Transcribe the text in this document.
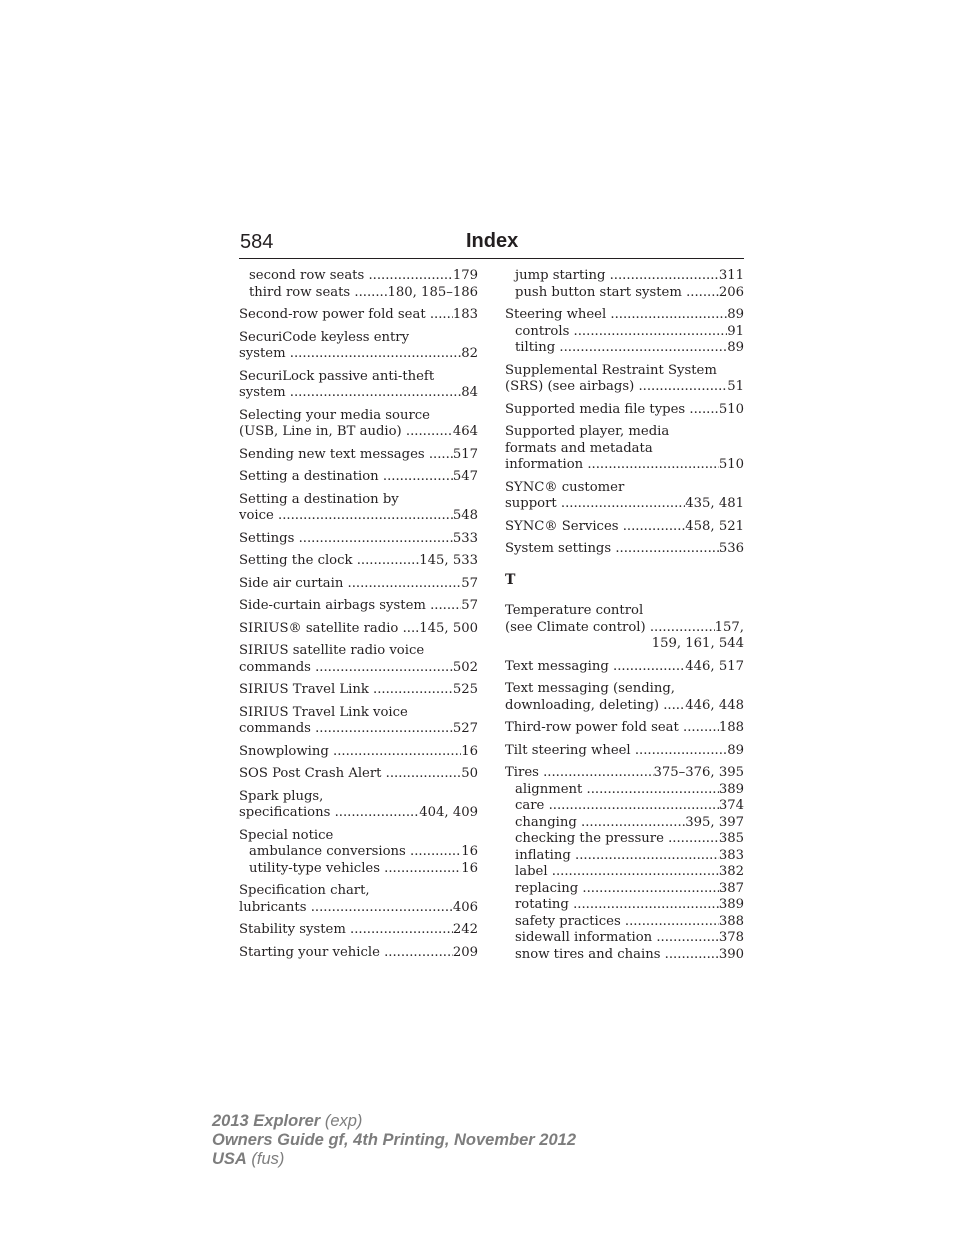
584	Index
second row seats .....	179
third row seats .....	180, 185–186
Second-row power fold seat ..... 183
SecuriCode keyless entry
system .....	82
SecuriLock passive anti-theft
system .....	84
Selecting your media source
(USB, Line in, BT audio) .....	464
Sending new text messages ..... 517
Setting a destination .....	547
Setting a destination by
voice .....	548
Settings .....	533
Setting the clock .....	145, 533
Side air curtain .....	57
Side-curtain airbags system ..... 57
SIRIUS® satellite radio ..... 145, 500
SIRIUS satellite radio voice
commands .....	502
SIRIUS Travel Link .....	525
SIRIUS Travel Link voice
commands .....	527
Snowplowing .....	16
SOS Post Crash Alert .....	50
Spark plugs,
specifications .....	404, 409
Special notice
ambulance conversions .....	16
utility-type vehicles .....	16
Specification chart,
lubricants .....	406
Stability system .....	242
Starting your vehicle .....	209
jump starting .....	311
push button start system ..... 206
Steering wheel .....	89
controls .....	91
tilting .....	89
Supplemental Restraint System
(SRS) (see airbags) .....	51
Supported media file types ..... 510
Supported player, media
formats and metadata
information .....	510
SYNC® customer
support .....	435, 481
SYNC® Services .....	458, 521
System settings .....	536
T
Temperature control
(see Climate control) .....	157,
159, 161, 544
Text messaging .....	446, 517
Text messaging (sending,
downloading, deleting) ..... 446, 448
Third-row power fold seat .....	188
Tilt steering wheel .....	89
Tires .....	375–376, 395
alignment .....	389
care .....	374
changing .....	395, 397
checking the pressure .....	385
inflating .....	383
label .....	382
replacing .....	387
rotating .....	389
safety practices .....	388
sidewall information .....	378
snow tires and chains .....	390
2013 Explorer (exp)
Owners Guide gf, 4th Printing, November 2012
USA (fus)
